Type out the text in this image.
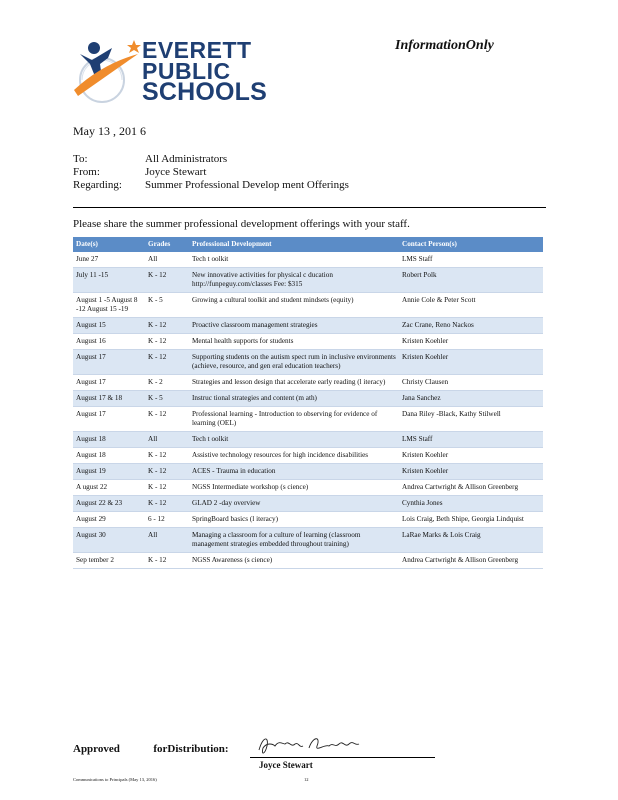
EVERETT
PUBLIC
SCHOOLS
InformationOnly
May 13 , 201 6
To:	All Administrators
From:	Joyce Stewart
Regarding:	Summer Professional Develop ment Offerings
Please share the summer professional development offerings with your staff.
Date(s)	Grades	Professional Development	Contact Person(s)
June 27	All	Tech t oolkit	LMS Staff
July 11 -15	K - 12	New innovative activities for physical c ducation http://funpeguy.com/classes Fee: $315	Robert Polk
August 1 -5 August 8 -12 August 15 -19	K - 5	Growing a cultural toolkit and student mindsets (equity)	Annie Cole & Peter Scott
August 15	K - 12	Proactive classroom management strategies	Zac Crane, Reno Nackos
August 16	K - 12	Mental health supports for students	Kristen Koehler
August 17	K - 12	Supporting students on the autism spect rum in inclusive environments (achieve, resource, and gen eral education teachers)	Kristen Koehler
August 17	K - 2	Strategies and lesson design that accelerate early reading (l iteracy)	Christy Clausen
August 17 & 18	K - 5	Instruc tional strategies and content (m ath)	Jana Sanchez
August 17	K - 12	Professional learning - Introduction to observing for evidence of learning (OEL)	Dana Riley -Black, Kathy Stilwell
August 18	All	Tech t oolkit	LMS Staff
August 18	K - 12	Assistive technology resources for high incidence disabilities	Kristen Koehler
August 19	K - 12	ACES - Trauma in education	Kristen Koehler
A ugust 22	K - 12	NGSS Intermediate workshop (s cience)	Andrea Cartwright & Allison Greenberg
August 22 & 23	K - 12	GLAD 2 -day overview	Cynthia Jones
August 29	6 - 12	SpringBoard basics (l iteracy)	Lois Craig, Beth Shipe, Georgia Lindquist
August 30	All	Managing a classroom for a culture of learning (classroom management strategies embedded throughout training)	LaRae Marks & Lois Craig
Sep tember 2	K - 12	NGSS Awareness (s cience)	Andrea Cartwright & Allison Greenberg
Approved	forDistribution:
Joyce Stewart
Communications to Principals (May 13, 2016)	12
